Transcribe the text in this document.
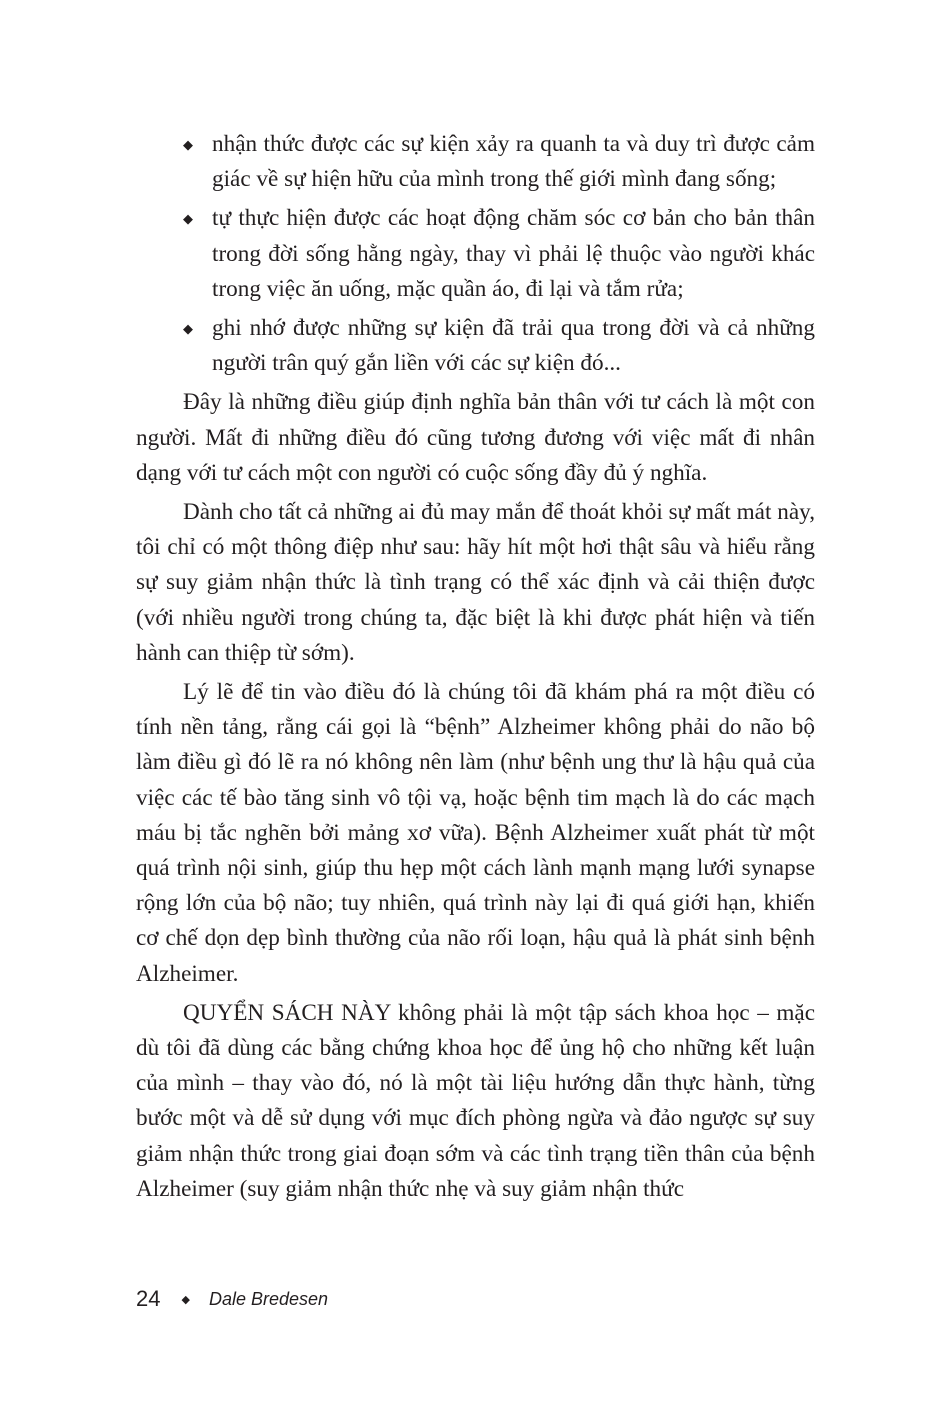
◆ nhận thức được các sự kiện xảy ra quanh ta và duy trì được cảm giác về sự hiện hữu của mình trong thế giới mình đang sống;
◆ tự thực hiện được các hoạt động chăm sóc cơ bản cho bản thân trong đời sống hằng ngày, thay vì phải lệ thuộc vào người khác trong việc ăn uống, mặc quần áo, đi lại và tắm rửa;
◆ ghi nhớ được những sự kiện đã trải qua trong đời và cả những người trân quý gắn liền với các sự kiện đó...

Đây là những điều giúp định nghĩa bản thân với tư cách là một con người. Mất đi những điều đó cũng tương đương với việc mất đi nhân dạng với tư cách một con người có cuộc sống đầy đủ ý nghĩa.

Dành cho tất cả những ai đủ may mắn để thoát khỏi sự mất mát này, tôi chỉ có một thông điệp như sau: hãy hít một hơi thật sâu và hiểu rằng sự suy giảm nhận thức là tình trạng có thể xác định và cải thiện được (với nhiều người trong chúng ta, đặc biệt là khi được phát hiện và tiến hành can thiệp từ sớm).

Lý lẽ để tin vào điều đó là chúng tôi đã khám phá ra một điều có tính nền tảng, rằng cái gọi là “bệnh” Alzheimer không phải do não bộ làm điều gì đó lẽ ra nó không nên làm (như bệnh ung thư là hậu quả của việc các tế bào tăng sinh vô tội vạ, hoặc bệnh tim mạch là do các mạch máu bị tắc nghẽn bởi mảng xơ vữa). Bệnh Alzheimer xuất phát từ một quá trình nội sinh, giúp thu hẹp một cách lành mạnh mạng lưới synapse rộng lớn của bộ não; tuy nhiên, quá trình này lại đi quá giới hạn, khiến cơ chế dọn dẹp bình thường của não rối loạn, hậu quả là phát sinh bệnh Alzheimer.

QUYỂN SÁCH NÀY không phải là một tập sách khoa học – mặc dù tôi đã dùng các bằng chứng khoa học để ủng hộ cho những kết luận của mình – thay vào đó, nó là một tài liệu hướng dẫn thực hành, từng bước một và dễ sử dụng với mục đích phòng ngừa và đảo ngược sự suy giảm nhận thức trong giai đoạn sớm và các tình trạng tiền thân của bệnh Alzheimer (suy giảm nhận thức nhẹ và suy giảm nhận thức

24 ◆ Dale Bredesen
